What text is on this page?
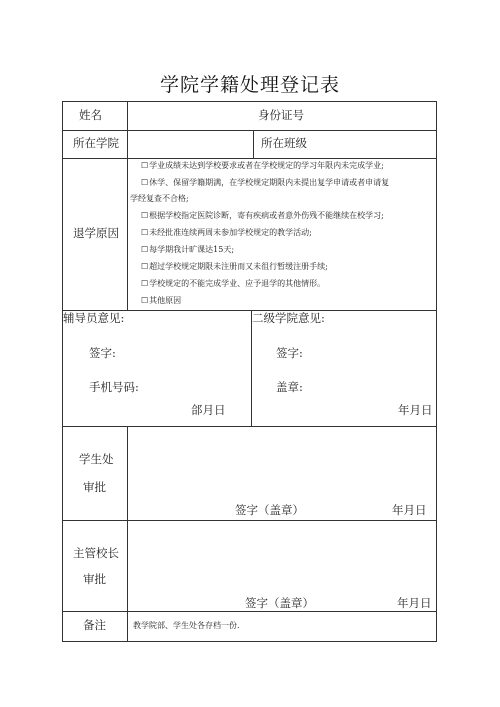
学院学籍处理登记表
姓名	身份证号
所在学院	所在班级
退学原因
☐学业成绩未达到学校要求或者在学校规定的学习年限内未完成学业;
☐休学、保留学籍期满，在学校规定期限内未提出复学申请或者申请复
学经复查不合格;
☐根据学校指定医院诊断，寄有疾病或者意外伤残不能继续在校学习;
☐未经批准连续两周未参加学校规定的教学活动;
☐每学期我计旷课达15天;
☐超过学校规定期限未注册而又未徂行暂缓注册手续;
☐学校规定的不能完成学业、应予退学的其他情形。
☐其他原因
辅导员意见:
签字:
手机号码:
郃月日
二级学院意见:
签字:
盖章:
年月日
学生处
审批
签字（盖章）	年月日
主管校长
审批
签字（盖章）	年月日
备注	教学院部、学生处各存档一份.
